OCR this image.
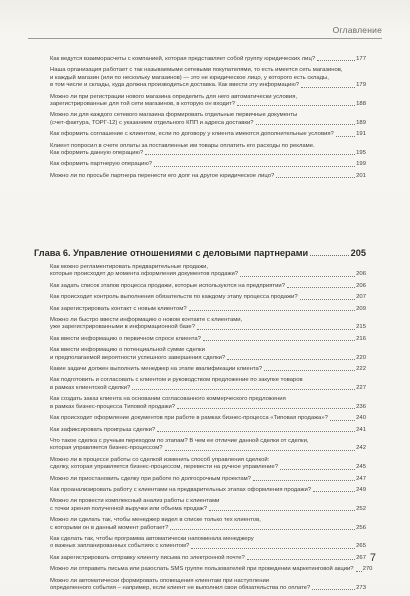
Оглавление
Как ведутся взаиморасчеты с компанией, которая представляет собой группу юридических лиц?	177
Наша организация работает с так называемыми сетевыми покупателями, то есть имеется сеть магазинов,
и каждый магазин (или по нескольку магазинов) — это не юридическое лицо, у которого есть склады,
в том числе и склады, куда должна производиться доставка. Как ввести эту информацию?	179
Можно ли при регистрации нового магазина определить для него автоматически условия,
зарегистрированные для той сети магазинов, в которую он входит?	188
Можно ли для каждого сетевого магазина формировать отдельные первичные документы
(счет-фактура, ТОРГ-12) с указанием отдельного КПП и адреса доставки?	189
Как оформить соглашение с клиентом, если по договору у клиента имеются дополнительные условия?	191
Клиент попросил в счете оплаты за поставленные им товары оплатить его расходы по рекламе.
Как оформить данную операцию?	195
Как оформить партнерую операцию?	199
Можно ли по просьбе партнера перенести его долг на другое юридическое лицо?	201
Глава 6. Управление отношениями с деловыми партнерами	205
Как можно регламентировать предварительные продажи,
которые происходят до момента оформления документов продажи?	206
Как задать список этапов процесса продажи, которые используются на предприятии?	206
Как происходит контроль выполнения обязательств по каждому этапу процесса продажи?	207
Как зарегистрировать контакт с новым клиентом?	209
Можно ли быстро ввести информацию о новом контакте с клиентами,
уже зарегистрированными в информационной базе?	215
Как ввести информацию о первичном спросе клиента?	216
Как ввести информацию о потенциальной сумме сделки
и предполагаемой вероятности успешного завершения сделки?	220
Какие задачи должен выполнить менеджер на этапе квалификации клиента?	222
Как подготовить и согласовать с клиентом и руководством предложение по закупке товаров
в рамках клиентской сделки?	227
Как создать заказ клиента на основании согласованного коммерческого предложения
в рамках бизнес-процесса Типовой продажи?	236
Как происходит оформление документов при работе в рамках бизнес-процесса «Типовая продажа»?	240
Как зафиксировать проигрыш сделки?	241
Что такое сделка с ручным переходом по этапам? В чем ее отличие данной сделки от сделки,
которая управляется бизнес-процессом?	242
Можно ли в процессе работы со сделкой изменить способ управления сделкой:
сделку, которая управляется бизнес-процессом, перевести на ручное управление?	245
Можно ли приостановить сделку при работе по долгосрочным проектам?	247
Как проанализировать работу с клиентами на предварительных этапах оформления продажи?	249
Можно ли провести комплексный анализ работы с клиентами
с точки зрения полученной выручки или объема продаж?	252
Можно ли сделать так, чтобы менеджер видел в списке только тех клиентов,
с которыми он в данный момент работает?	256
Как сделать так, чтобы программа автоматически напоминала менеджеру
о важных запланированных событиях с клиентом?	265
Как зарегистрировать отправку клиенту письма по электронной почте?	267
Можно ли отправить письма или разослать SMS группе пользователей при проведении маркетинговой акции? 270
Можно ли автоматически формировать оповещения клиентам при наступлении
определенного события – например, если клиент не выполнил свои обязательства по оплате?	273
7
